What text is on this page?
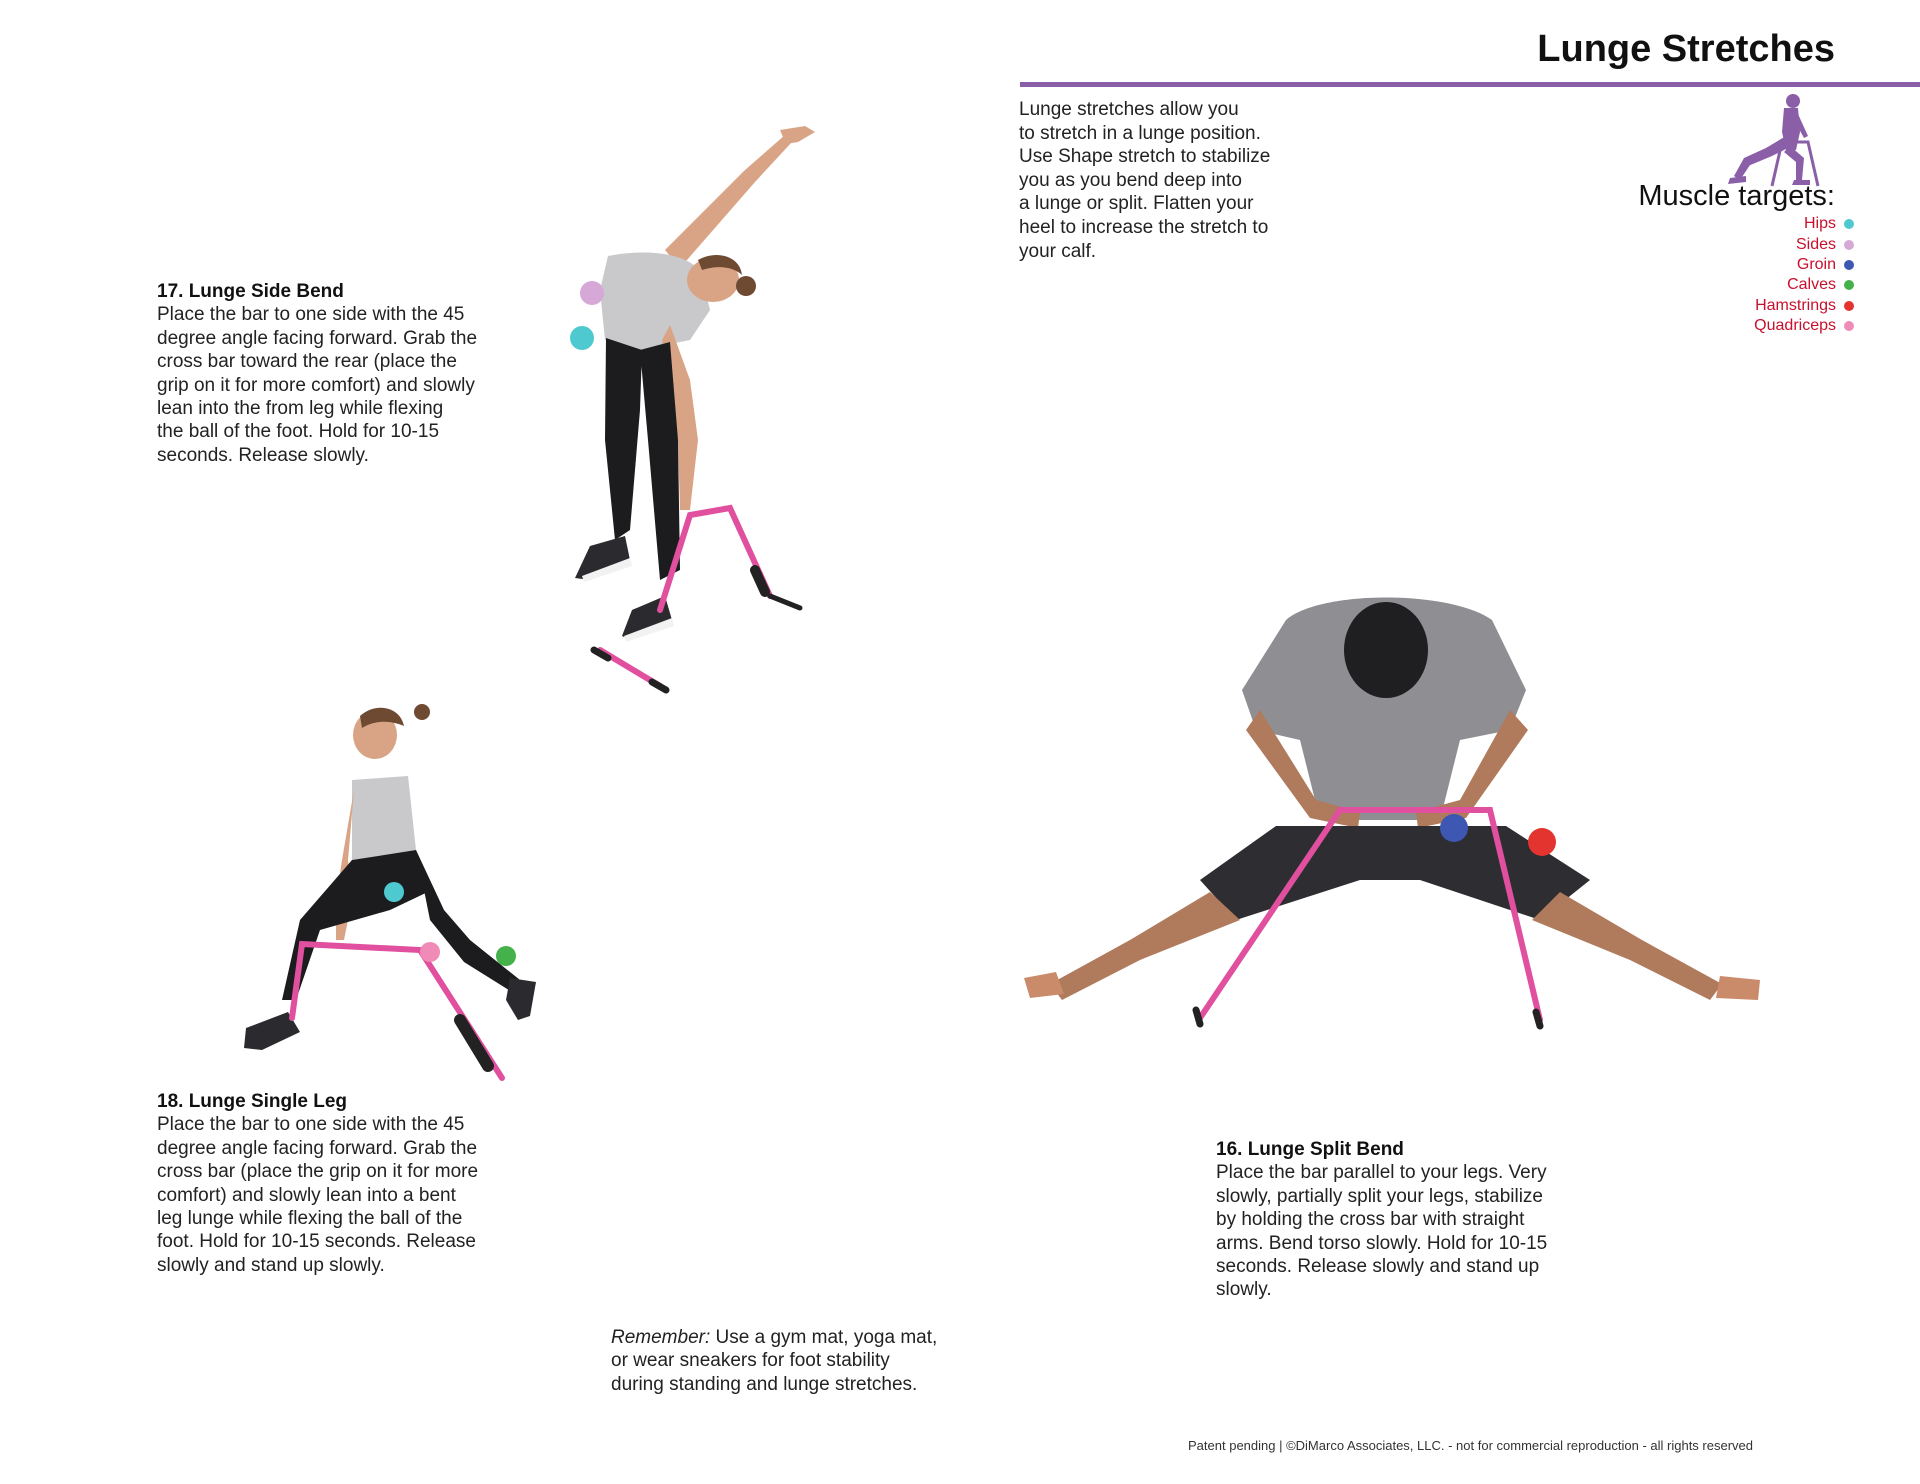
Lunge Stretches

Lunge stretches allow you
to stretch in a lunge position.
Use Shape stretch to stabilize
you as you bend deep into
a lunge or split. Flatten your
heel to increase the stretch to
your calf.

Muscle targets:
Hips
Sides
Groin
Calves
Hamstrings
Quadriceps
17. Lunge Side Bend
Place the bar to one side with the 45
degree angle facing forward. Grab the
cross bar toward the rear (place the
grip on it for more comfort) and slowly
lean into the from leg while flexing
the ball of the foot. Hold for 10-15
seconds. Release slowly.
18. Lunge Single Leg
Place the bar to one side with the 45
degree angle facing forward. Grab the
cross bar (place the grip on it for more
comfort) and slowly lean into a bent
leg lunge while flexing the ball of the
foot. Hold for 10-15 seconds. Release
slowly and stand up slowly.
16. Lunge Split Bend
Place the bar parallel to your legs. Very
slowly, partially split your legs, stabilize
by holding the cross bar with straight
arms. Bend torso slowly. Hold for 10-15
seconds. Release slowly and stand up
slowly.
Remember: Use a gym mat, yoga mat,
or wear sneakers for foot stability
during standing and lunge stretches.
Patent pending | ©DiMarco Associates, LLC. - not for commercial reproduction - all rights reserved
